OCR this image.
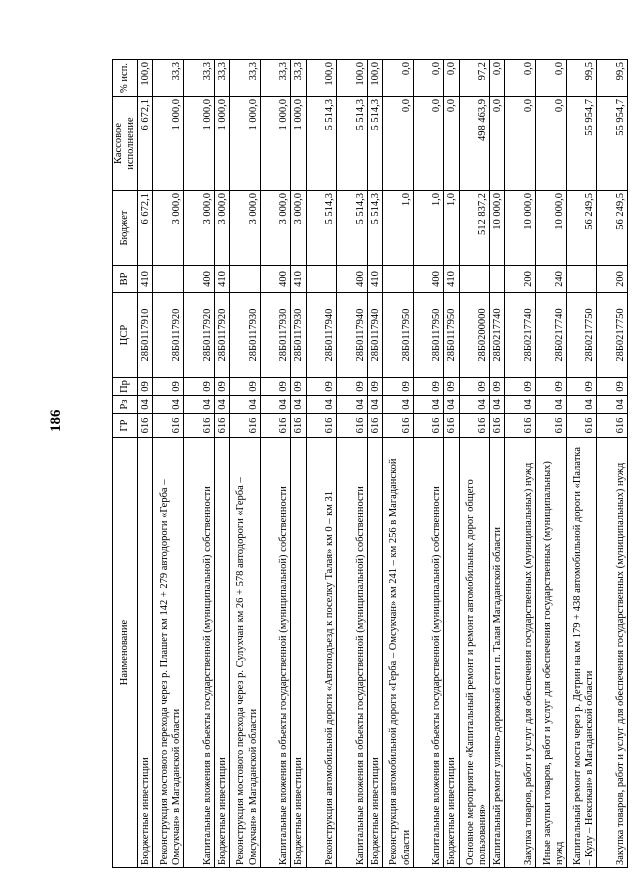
186
Наименование	ГР	Рз	Пр	ЦСР	ВР	Бюджет	Кассовое
исполнение	% исп.
Бюджетные инвестиции	616	04	09	28Б0117910	410	6 672,1	6 672,1	100,0
Реконструкция мостового перехода через р. Плашет км 142 + 279 автодороги «Герба – Омсукчан» в Магаданской области	616	04	09	28Б0117920		3 000,0	1 000,0	33,3
Капитальные вложения в объекты государственной (муниципальной) собственности	616	04	09	28Б0117920	400	3 000,0	1 000,0	33,3
Бюджетные инвестиции	616	04	09	28Б0117920	410	3 000,0	1 000,0	33,3
Реконструкция мостового перехода через р. Сулухчан км 26 + 578 автодороги «Герба – Омсукчан» в Магаданской области	616	04	09	28Б0117930		3 000,0	1 000,0	33,3
Капитальные вложения в объекты государственной (муниципальной) собственности	616	04	09	28Б0117930	400	3 000,0	1 000,0	33,3
Бюджетные инвестиции	616	04	09	28Б0117930	410	3 000,0	1 000,0	33,3
Реконструкция автомобильной дороги «Автоподъезд к поселку Талая» км 0 – км 31	616	04	09	28Б0117940		5 514,3	5 514,3	100,0
Капитальные вложения в объекты государственной (муниципальной) собственности	616	04	09	28Б0117940	400	5 514,3	5 514,3	100,0
Бюджетные инвестиции	616	04	09	28Б0117940	410	5 514,3	5 514,3	100,0
Реконструкция автомобильной дороги «Герба – Омсукчан» км 241 – км 256 в Магаданской области	616	04	09	28Б0117950		1,0	0,0	0,0
Капитальные вложения в объекты государственной (муниципальной) собственности	616	04	09	28Б0117950	400	1,0	0,0	0,0
Бюджетные инвестиции	616	04	09	28Б0117950	410	1,0	0,0	0,0
Основное мероприятие «Капитальный ремонт и ремонт автомобильных дорог общего пользования»	616	04	09	28Б0200000		512 837,2	498 463,9	97,2
Капитальный ремонт улично-дорожной сети п. Талая Магаданской области	616	04	09	28Б0217740		10 000,0	0,0	0,0
Закупка товаров, работ и услуг для обеспечения государственных (муниципальных) нужд	616	04	09	28Б0217740	200	10 000,0	0,0	0,0
Иные закупки товаров, работ и услуг для обеспечения государственных (муниципальных) нужд	616	04	09	28Б0217740	240	10 000,0	0,0	0,0
Капитальный ремонт моста через р. Детрин на км 179 + 438 автомобильной дороги «Палатка – Кулу – Нексикан» в Магаданской области	616	04	09	28Б0217750		56 249,5	55 954,7	99,5
Закупка товаров, работ и услуг для обеспечения государственных (муниципальных) нужд	616	04	09	28Б0217750	200	56 249,5	55 954,7	99,5
